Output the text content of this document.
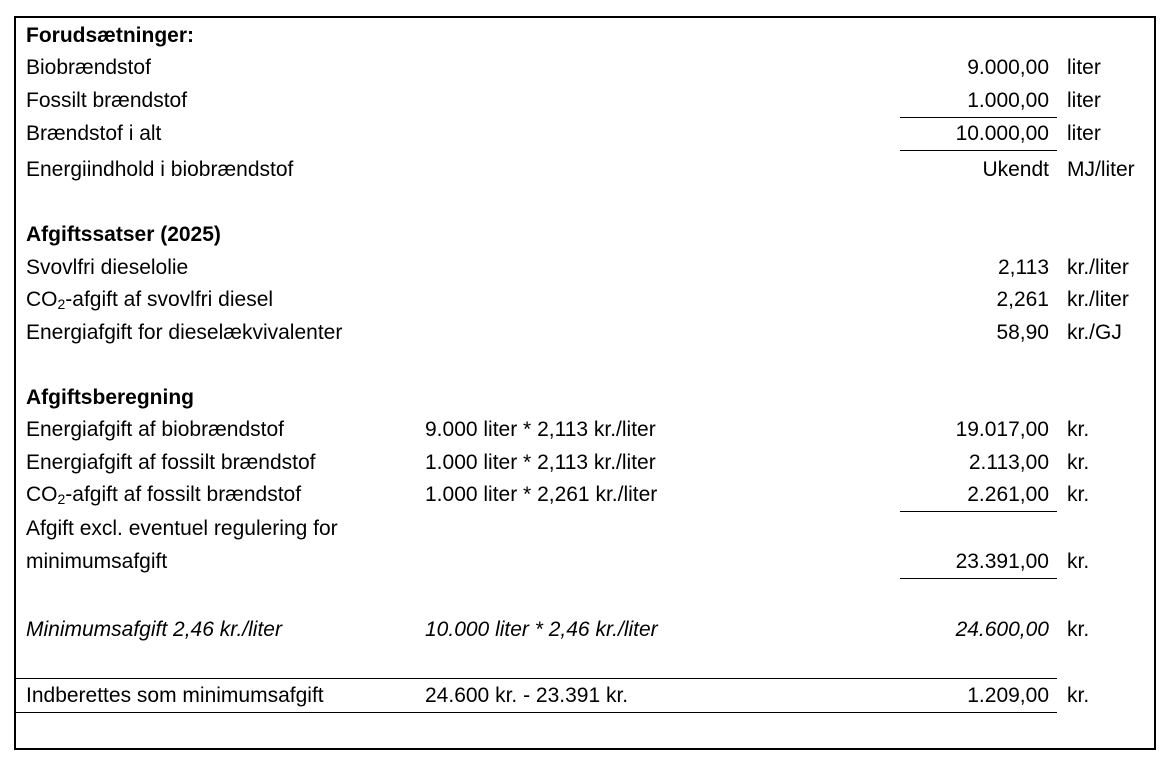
Forudsætninger:
Biobrændstof	9.000,00 liter
Fossilt brændstof	1.000,00 liter
Brændstof i alt	10.000,00 liter
Energiindhold i biobrændstof	Ukendt MJ/liter
Afgiftssatser (2025)
Svovlfri dieselolie	2,113 kr./liter
$CO_2$-afgift af svovlfri diesel	2,261 kr./liter
Energiafgift for dieselækvivalenter	58,90 kr./GJ
Afgiftsberegning
Energiafgift af biobrændstof	9.000 liter * 2,113 kr./liter	19.017,00 kr.
Energiafgift af fossilt brændstof	1.000 liter * 2,113 kr./liter	2.113,00 kr.
$CO_2$-afgift af fossilt brændstof	1.000 liter * 2,261 kr./liter	2.261,00 kr.
Afgift excl. eventuel regulering for
minimumsafgift	23.391,00 kr.
Minimumsafgift 2,46 kr./liter	10.000 liter * 2,46 kr./liter	24.600,00 kr.
Indberettes som minimumsafgift	24.600 kr. - 23.391 kr.	1.209,00 kr.
